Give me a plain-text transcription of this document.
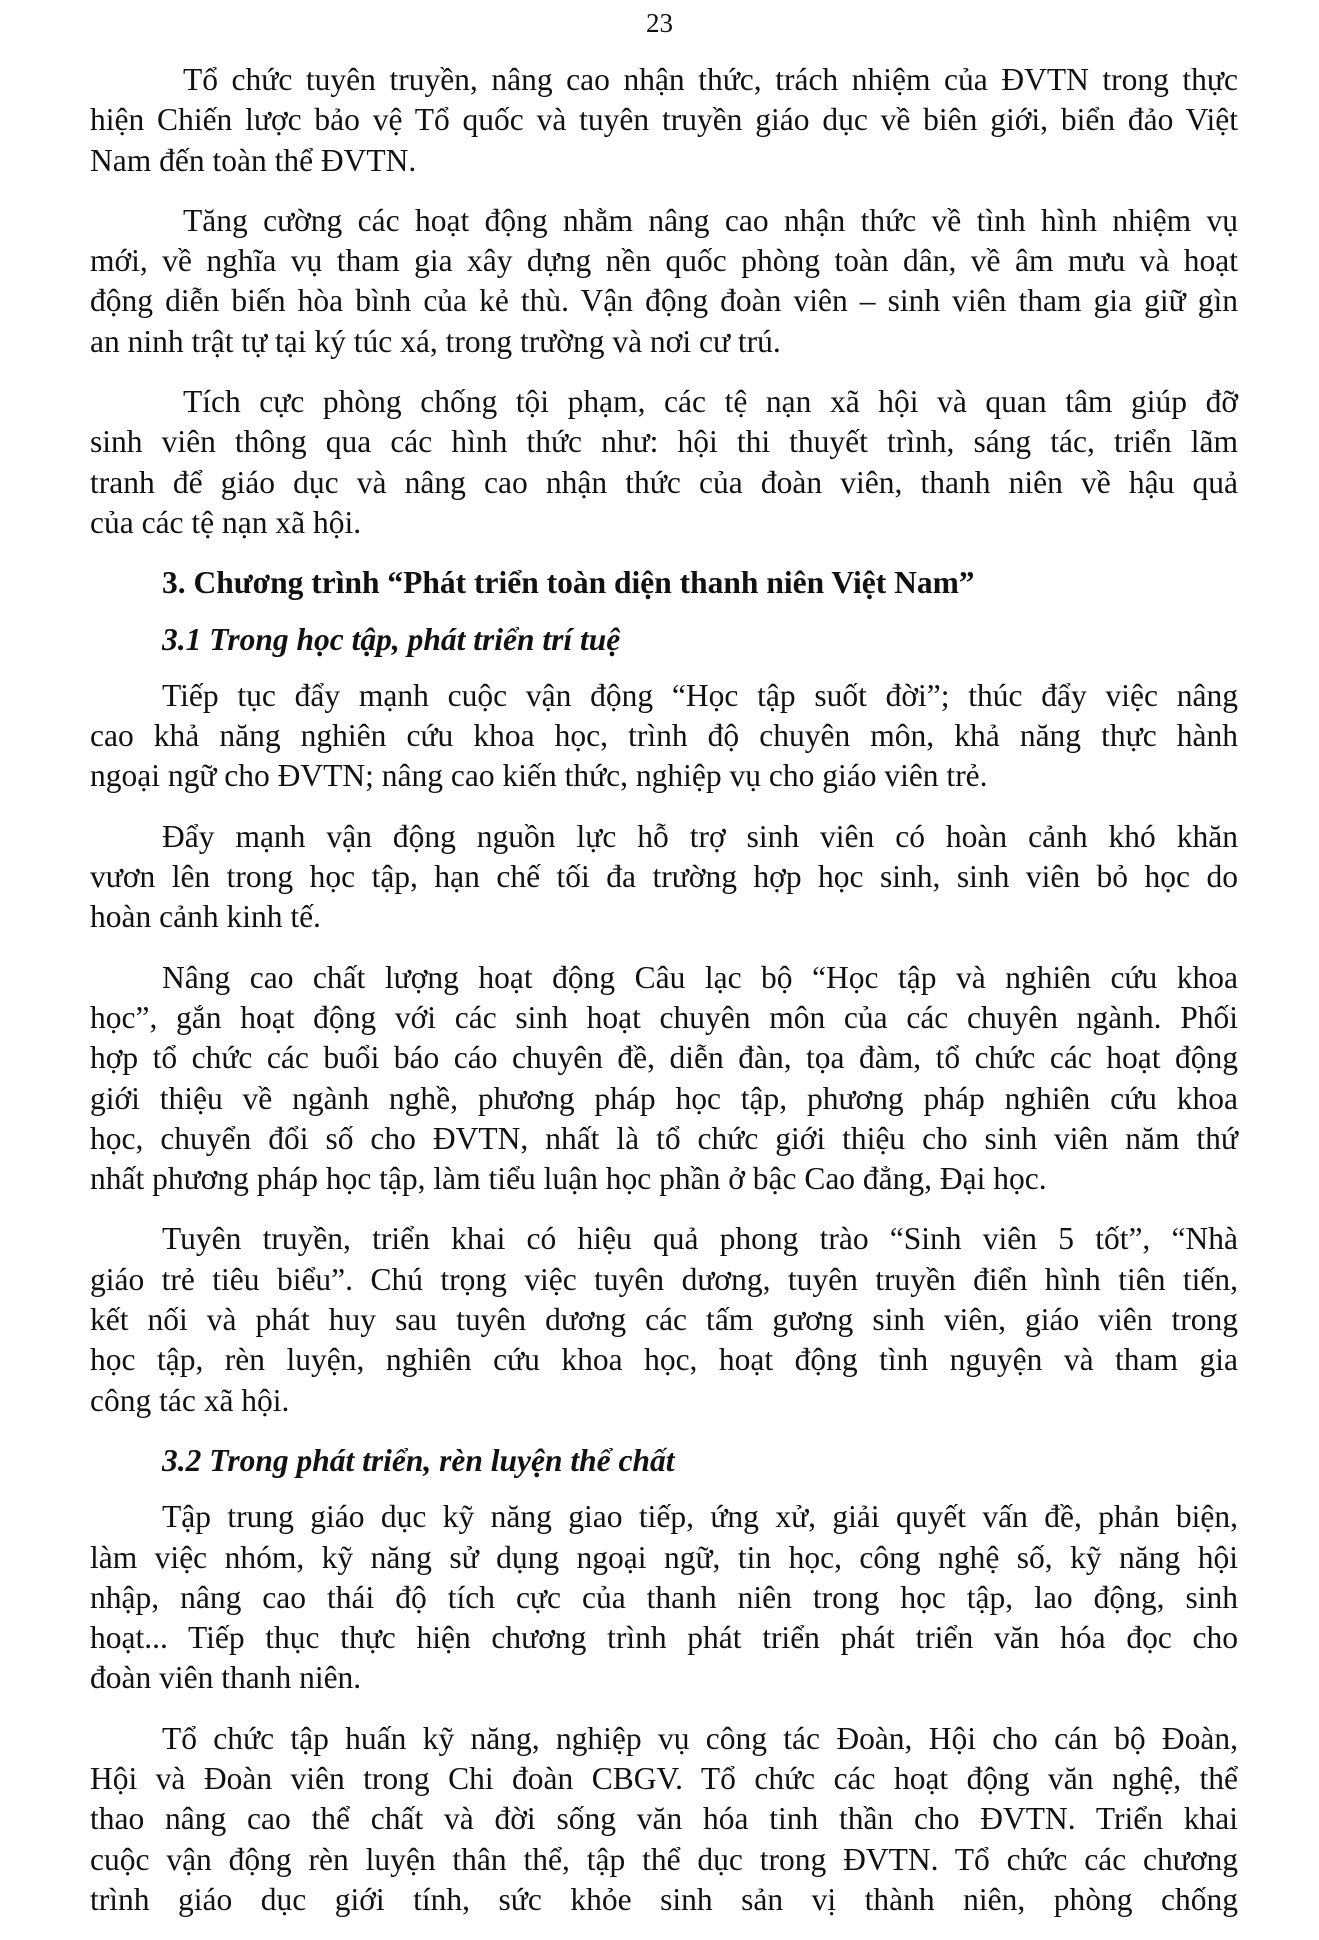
23
Tổ chức tuyên truyền, nâng cao nhận thức, trách nhiệm của ĐVTN trong thực
hiện Chiến lược bảo vệ Tổ quốc và tuyên truyền giáo dục về biên giới, biển đảo Việt
Nam đến toàn thể ĐVTN.
Tăng cường các hoạt động nhằm nâng cao nhận thức về tình hình nhiệm vụ
mới, về nghĩa vụ tham gia xây dựng nền quốc phòng toàn dân, về âm mưu và hoạt
động diễn biến hòa bình của kẻ thù. Vận động đoàn viên – sinh viên tham gia giữ gìn
an ninh trật tự tại ký túc xá, trong trường và nơi cư trú.
Tích cực phòng chống tội phạm, các tệ nạn xã hội và quan tâm giúp đỡ
sinh viên thông qua các hình thức như: hội thi thuyết trình, sáng tác, triển lãm
tranh để giáo dục và nâng cao nhận thức của đoàn viên, thanh niên về hậu quả
của các tệ nạn xã hội.
3. Chương trình “Phát triển toàn diện thanh niên Việt Nam”
3.1 Trong học tập, phát triển trí tuệ
Tiếp tục đẩy mạnh cuộc vận động “Học tập suốt đời”; thúc đẩy việc nâng
cao khả năng nghiên cứu khoa học, trình độ chuyên môn, khả năng thực hành
ngoại ngữ cho ĐVTN; nâng cao kiến thức, nghiệp vụ cho giáo viên trẻ.
Đẩy mạnh vận động nguồn lực hỗ trợ sinh viên có hoàn cảnh khó khăn
vươn lên trong học tập, hạn chế tối đa trường hợp học sinh, sinh viên bỏ học do
hoàn cảnh kinh tế.
Nâng cao chất lượng hoạt động Câu lạc bộ “Học tập và nghiên cứu khoa
học”, gắn hoạt động với các sinh hoạt chuyên môn của các chuyên ngành. Phối
hợp tổ chức các buổi báo cáo chuyên đề, diễn đàn, tọa đàm, tổ chức các hoạt động
giới thiệu về ngành nghề, phương pháp học tập, phương pháp nghiên cứu khoa
học, chuyển đổi số cho ĐVTN, nhất là tổ chức giới thiệu cho sinh viên năm thứ
nhất phương pháp học tập, làm tiểu luận học phần ở bậc Cao đẳng, Đại học.
Tuyên truyền, triển khai có hiệu quả phong trào “Sinh viên 5 tốt”, “Nhà
giáo trẻ tiêu biểu”. Chú trọng việc tuyên dương, tuyên truyền điển hình tiên tiến,
kết nối và phát huy sau tuyên dương các tấm gương sinh viên, giáo viên trong
học tập, rèn luyện, nghiên cứu khoa học, hoạt động tình nguyện và tham gia
công tác xã hội.
3.2 Trong phát triển, rèn luyện thể chất
Tập trung giáo dục kỹ năng giao tiếp, ứng xử, giải quyết vấn đề, phản biện,
làm việc nhóm, kỹ năng sử dụng ngoại ngữ, tin học, công nghệ số, kỹ năng hội
nhập, nâng cao thái độ tích cực của thanh niên trong học tập, lao động, sinh
hoạt... Tiếp thục thực hiện chương trình phát triển phát triển văn hóa đọc cho
đoàn viên thanh niên.
Tổ chức tập huấn kỹ năng, nghiệp vụ công tác Đoàn, Hội cho cán bộ Đoàn,
Hội và Đoàn viên trong Chi đoàn CBGV. Tổ chức các hoạt động văn nghệ, thể
thao nâng cao thể chất và đời sống văn hóa tinh thần cho ĐVTN. Triển khai
cuộc vận động rèn luyện thân thể, tập thể dục trong ĐVTN. Tổ chức các chương
trình giáo dục giới tính, sức khỏe sinh sản vị thành niên, phòng chống
